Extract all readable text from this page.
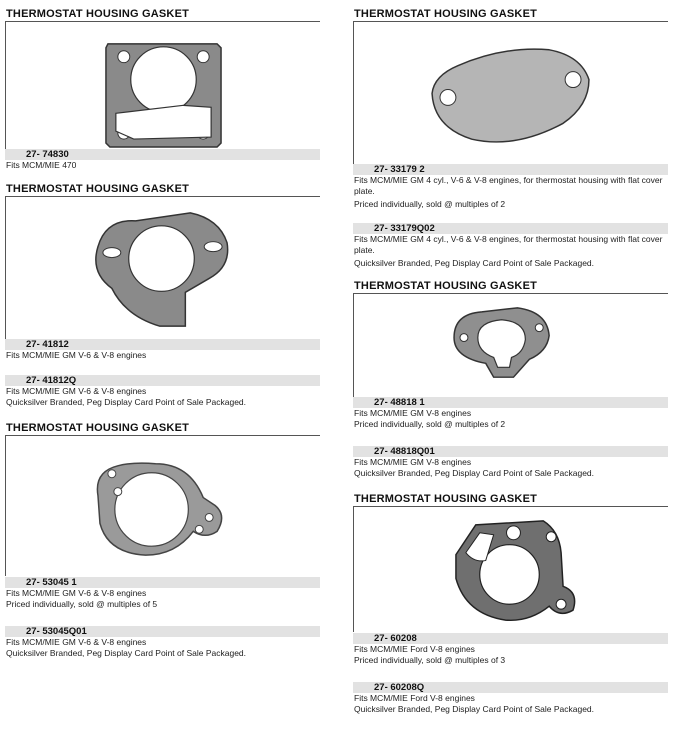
THERMOSTAT HOUSING GASKET
27- 74830
Fits MCM/MIE 470
THERMOSTAT HOUSING GASKET
27- 41812
Fits MCM/MIE GM V-6 & V-8 engines
27- 41812Q
Fits MCM/MIE GM V-6 & V-8 engines
Quicksilver Branded, Peg Display Card Point of Sale Packaged.
THERMOSTAT HOUSING GASKET
27- 53045 1
Fits MCM/MIE GM V-6 & V-8 engines
Priced individually, sold @ multiples of 5
27- 53045Q01
Fits MCM/MIE GM V-6 & V-8 engines
Quicksilver Branded, Peg Display Card Point of Sale Packaged.
THERMOSTAT HOUSING GASKET
27- 33179 2
Fits MCM/MIE GM 4 cyl., V-6 & V-8 engines, for thermostat housing with flat cover plate.
Priced individually, sold @ multiples of 2
27- 33179Q02
Fits MCM/MIE GM 4 cyl., V-6 & V-8 engines, for thermostat housing with flat cover plate.
Quicksilver Branded, Peg Display Card Point of Sale Packaged.
THERMOSTAT HOUSING GASKET
27- 48818 1
Fits MCM/MIE GM V-8 engines
Priced individually, sold @ multiples of 2
27- 48818Q01
Fits MCM/MIE GM V-8 engines
Quicksilver Branded, Peg Display Card Point of Sale Packaged.
THERMOSTAT HOUSING GASKET
27- 60208
Fits MCM/MIE Ford V-8 engines
Priced individually, sold @ multiples of 3
27- 60208Q
Fits MCM/MIE Ford V-8 engines
Quicksilver Branded, Peg Display Card Point of Sale Packaged.
